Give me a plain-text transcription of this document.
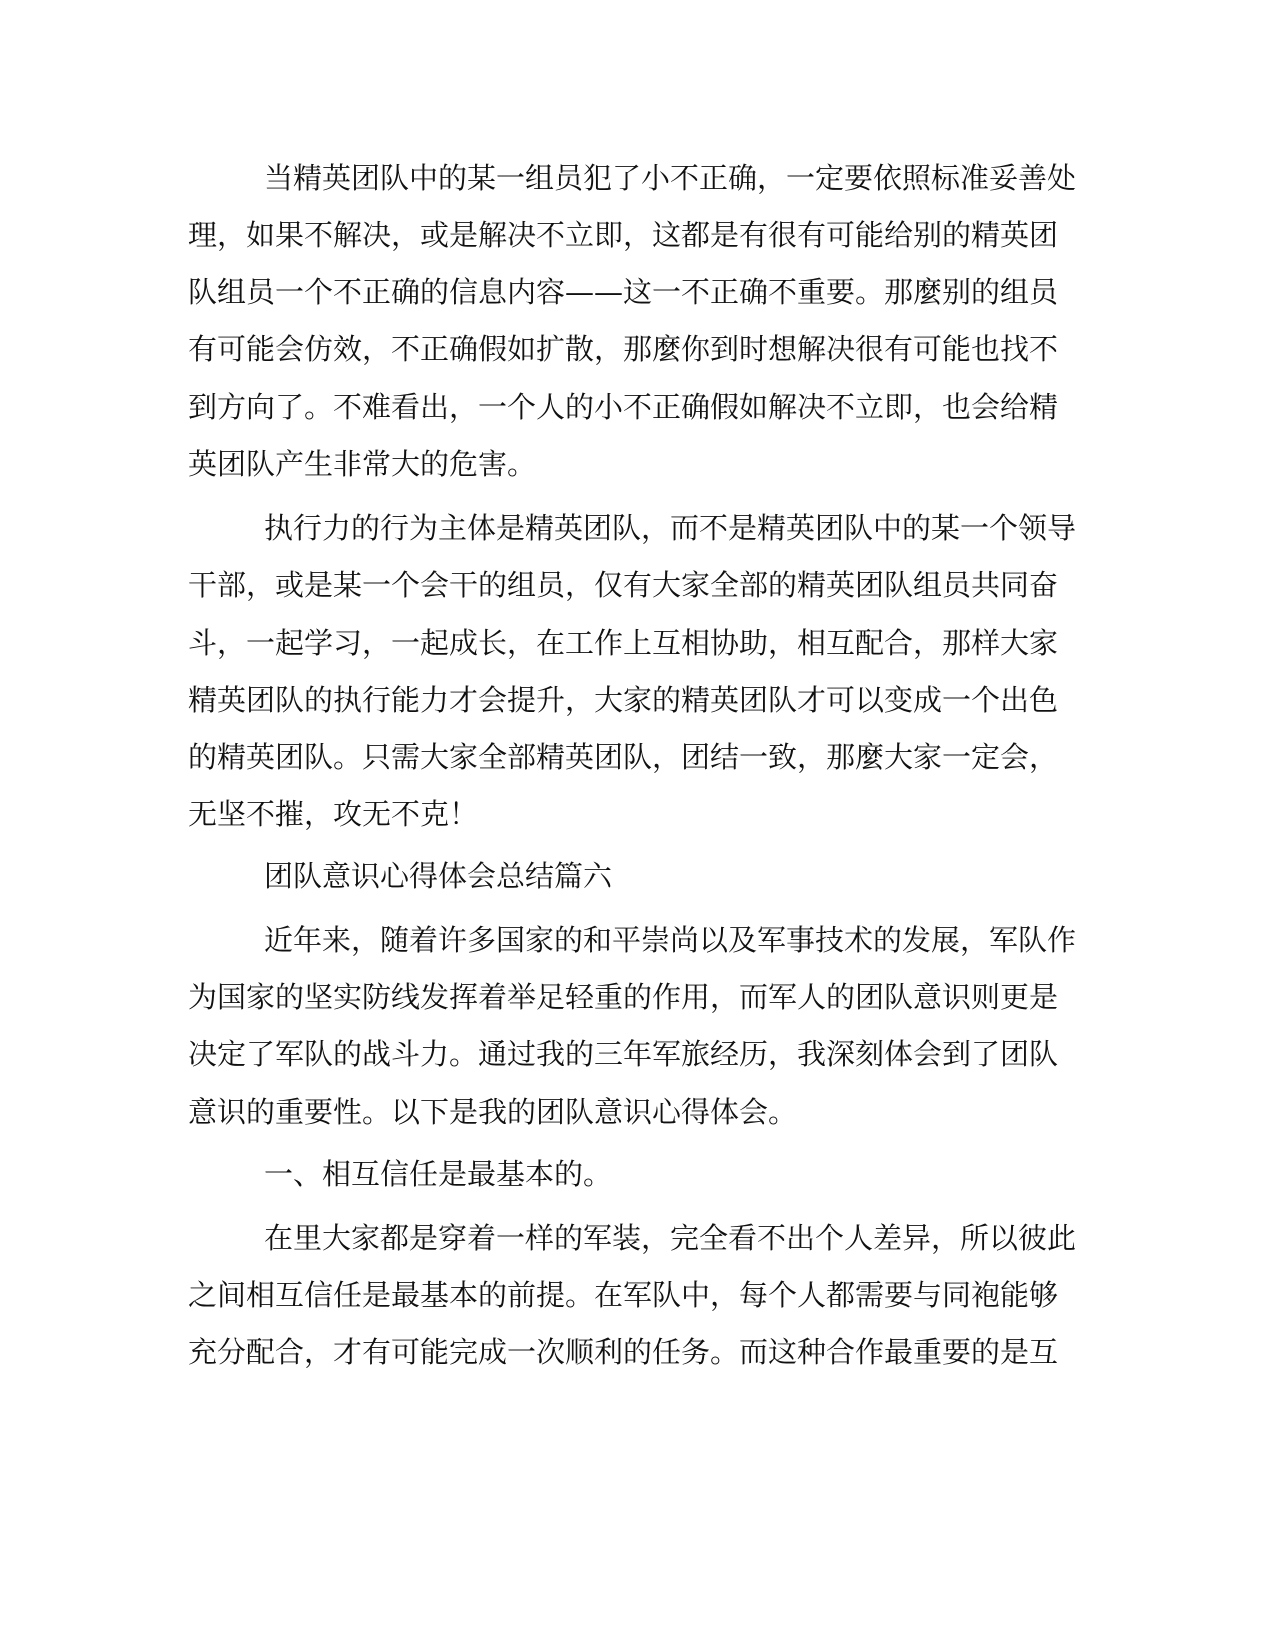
当精英团队中的某一组员犯了小不正确，一定要依照标准妥善处
理，如果不解决，或是解决不立即，这都是有很有可能给别的精英团
队组员一个不正确的信息内容——这一不正确不重要。那麼别的组员
有可能会仿效，不正确假如扩散，那麼你到时想解决很有可能也找不
到方向了。不难看出，一个人的小不正确假如解决不立即，也会给精
英团队产生非常大的危害。
执行力的行为主体是精英团队，而不是精英团队中的某一个领导
干部，或是某一个会干的组员，仅有大家全部的精英团队组员共同奋
斗，一起学习，一起成长，在工作上互相协助，相互配合，那样大家
精英团队的执行能力才会提升，大家的精英团队才可以变成一个出色
的精英团队。只需大家全部精英团队，团结一致，那麼大家一定会，
无坚不摧，攻无不克！
团队意识心得体会总结篇六
近年来，随着许多国家的和平崇尚以及军事技术的发展，军队作
为国家的坚实防线发挥着举足轻重的作用，而军人的团队意识则更是
决定了军队的战斗力。通过我的三年军旅经历，我深刻体会到了团队
意识的重要性。以下是我的团队意识心得体会。
一、相互信任是最基本的。
在里大家都是穿着一样的军装，完全看不出个人差异，所以彼此
之间相互信任是最基本的前提。在军队中，每个人都需要与同袍能够
充分配合，才有可能完成一次顺利的任务。而这种合作最重要的是互
